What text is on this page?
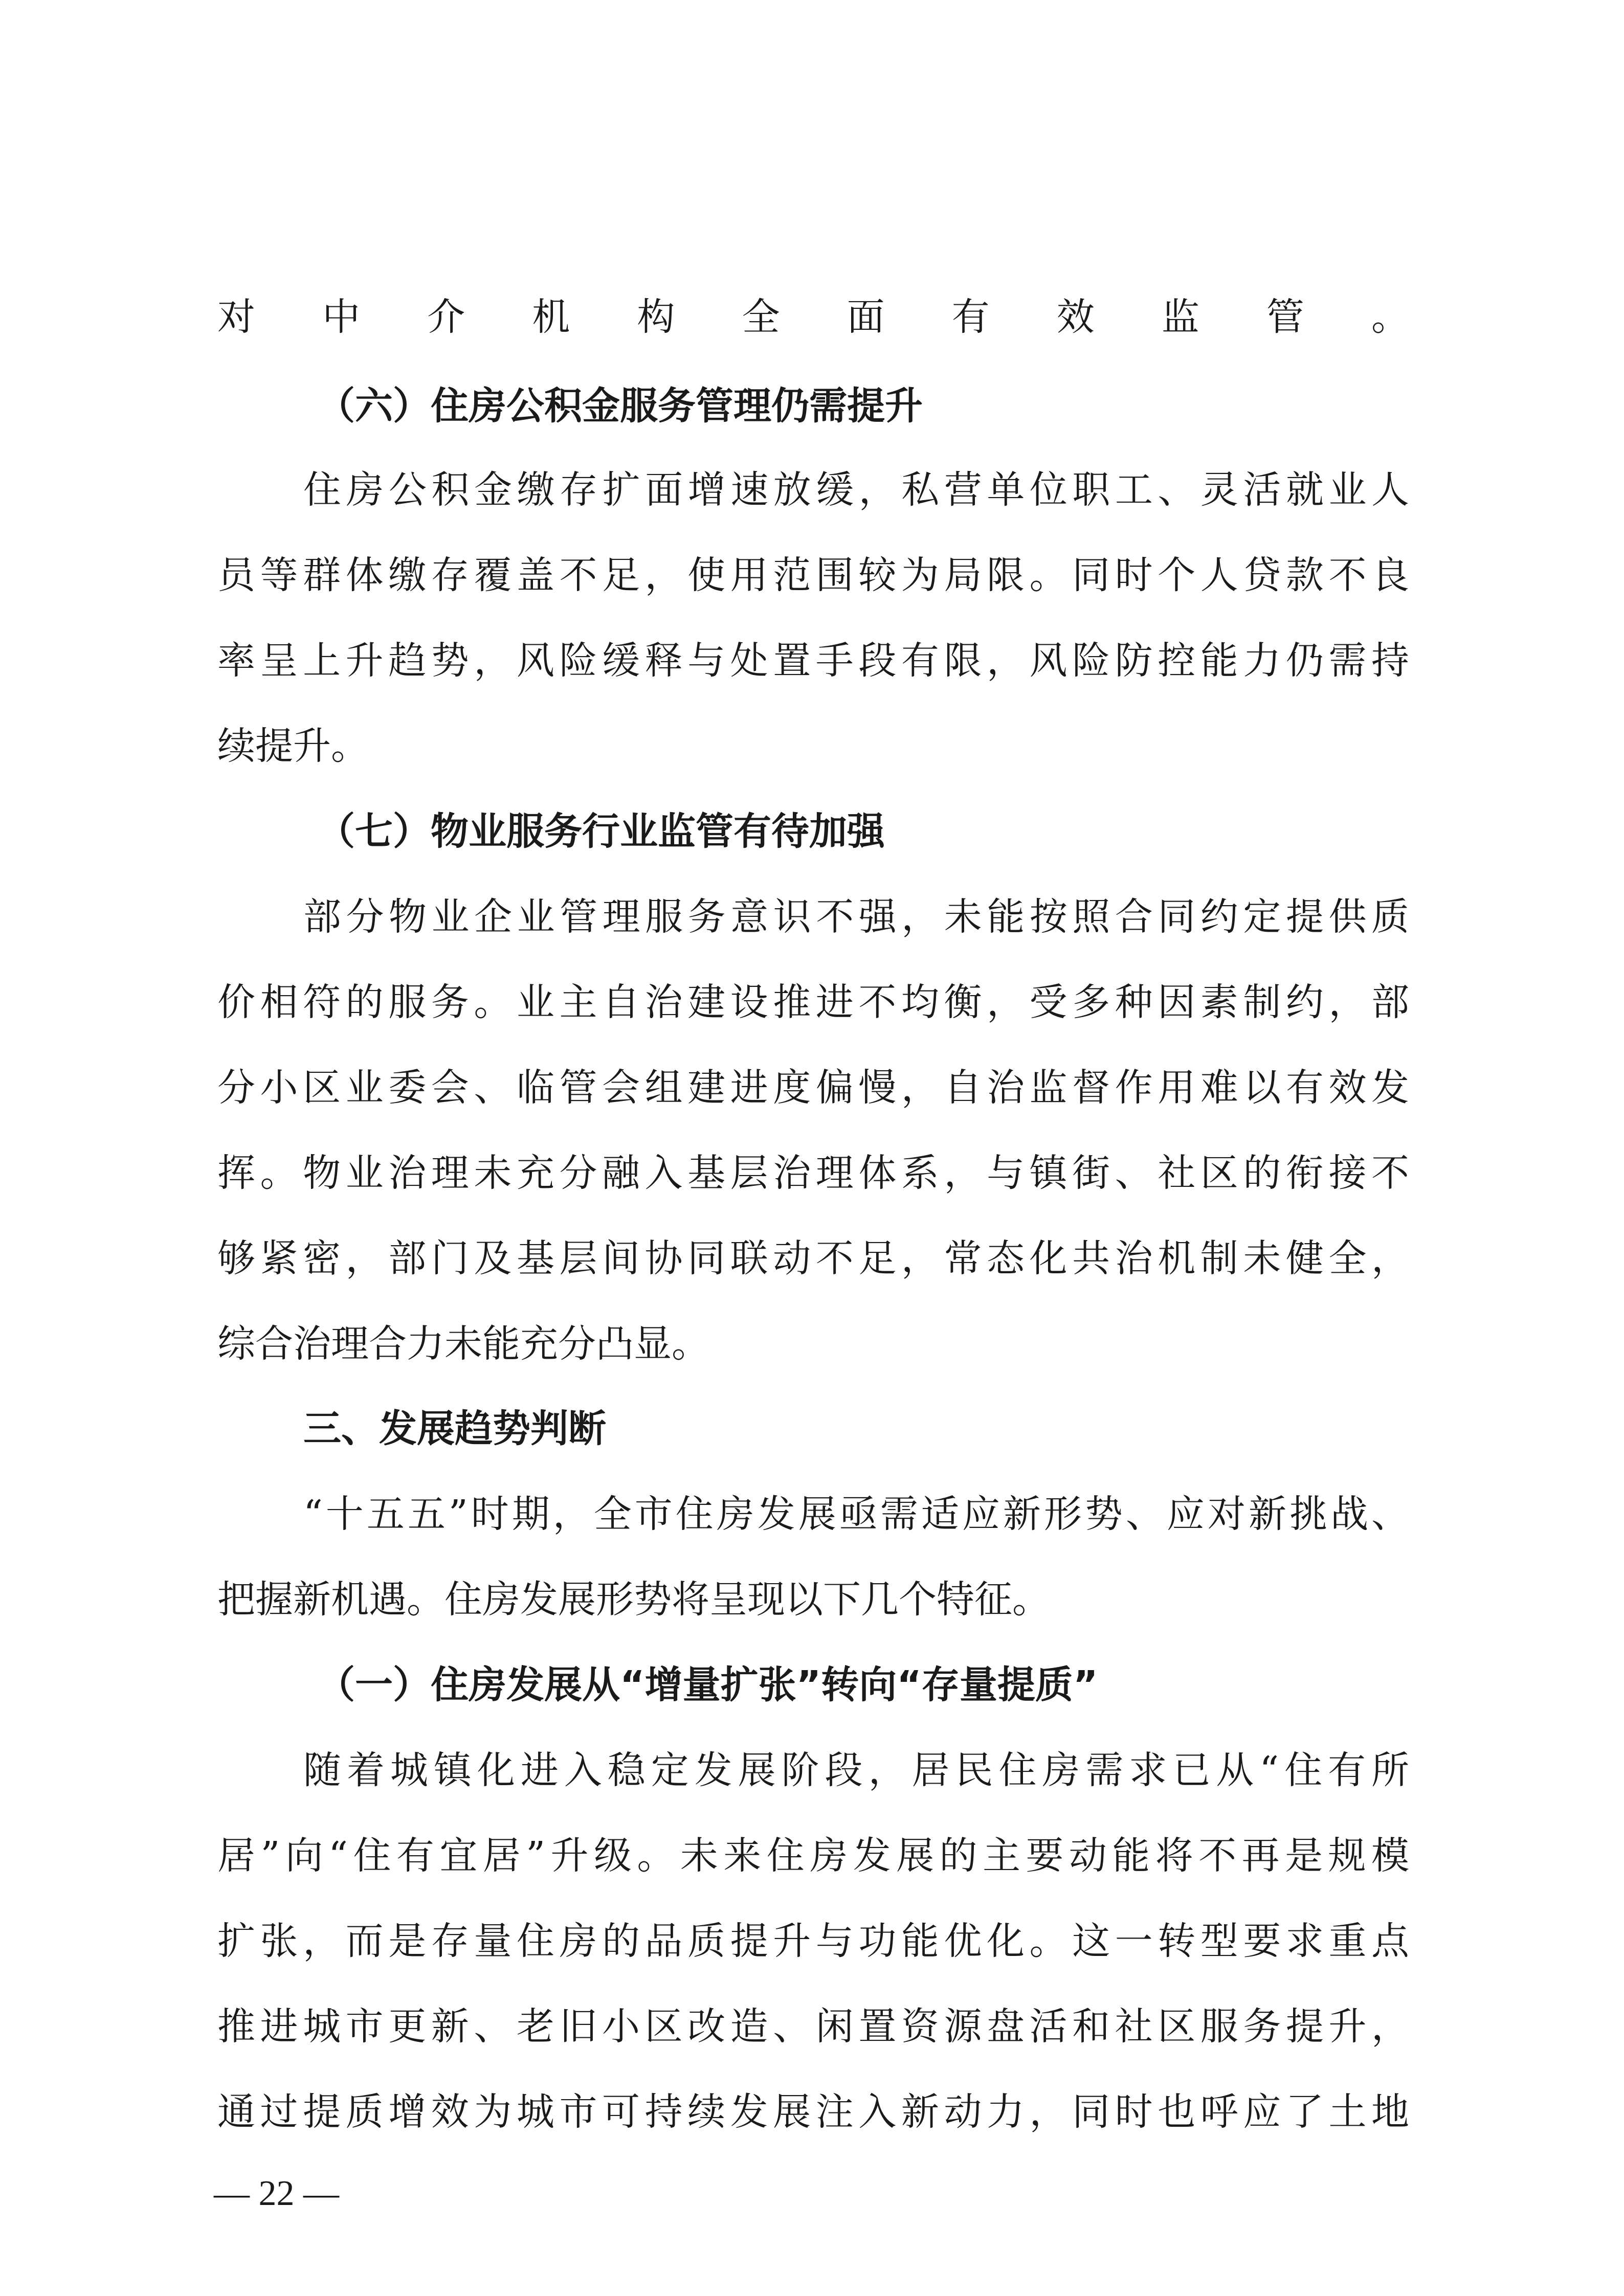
对中介机构全面有效监管。
（六）住房公积金服务管理仍需提升
住房公积金缴存扩面增速放缓，私营单位职工、灵活就业人
员等群体缴存覆盖不足，使用范围较为局限。同时个人贷款不良
率呈上升趋势，风险缓释与处置手段有限，风险防控能力仍需持
续提升。
（七）物业服务行业监管有待加强
部分物业企业管理服务意识不强，未能按照合同约定提供质
价相符的服务。业主自治建设推进不均衡，受多种因素制约，部
分小区业委会、临管会组建进度偏慢，自治监督作用难以有效发
挥。物业治理未充分融入基层治理体系，与镇街、社区的衔接不
够紧密，部门及基层间协同联动不足，常态化共治机制未健全，
综合治理合力未能充分凸显。
三、发展趋势判断
“十五五”时期，全市住房发展亟需适应新形势、应对新挑战、
把握新机遇。住房发展形势将呈现以下几个特征。
（一）住房发展从“增量扩张”转向“存量提质”
随着城镇化进入稳定发展阶段，居民住房需求已从“住有所
居”向“住有宜居”升级。未来住房发展的主要动能将不再是规模
扩张，而是存量住房的品质提升与功能优化。这一转型要求重点
推进城市更新、老旧小区改造、闲置资源盘活和社区服务提升，
通过提质增效为城市可持续发展注入新动力，同时也呼应了土地
— 22 —
